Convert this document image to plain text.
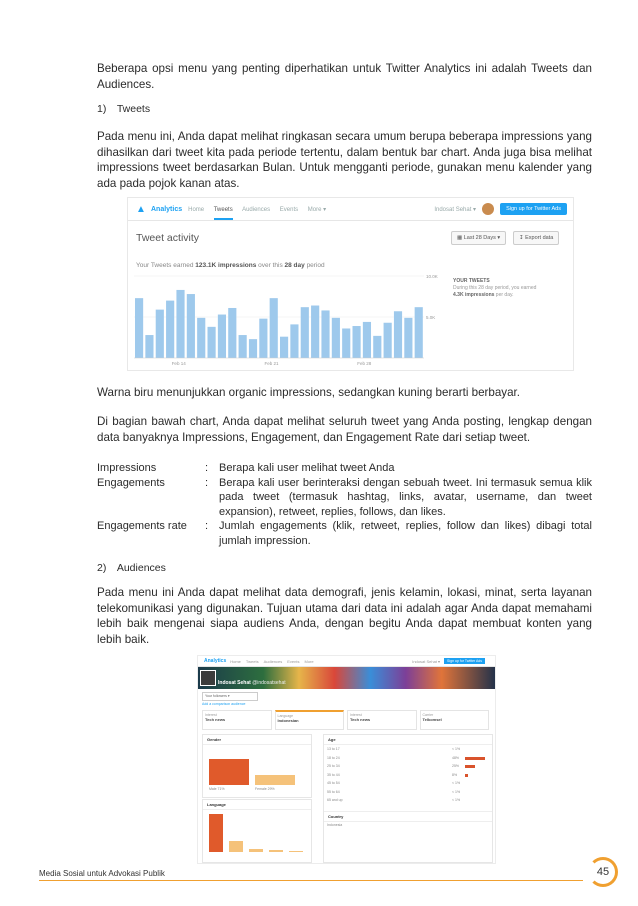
Beberapa opsi menu yang penting diperhatikan untuk Twitter Analytics ini adalah Tweets dan Audiences.
1) Tweets
Pada menu ini, Anda dapat melihat ringkasan secara umum berupa beberapa impressions yang dihasilkan dari tweet kita pada periode tertentu, dalam bentuk bar chart. Anda juga bisa melihat impressions tweet berdasarkan Bulan. Untuk mengganti periode, gunakan menu kalender yang ada pada pojok kanan atas.
▲ Analytics Home Tweets Audiences Events More ▾	Indosat Sehat ▾	Sign up for Twitter Ads
Tweet activity	▦ Last 28 Days ▾	↧ Export data
Your Tweets earned 123.1K impressions over this 28 day period
Feb 14	Feb 21	Feb 28
10.0K
5.0K
YOUR TWEETS
During this 28 day period, you earned
4.3K impressions per day.
Warna biru menunjukkan organic impressions, sedangkan kuning berarti berbayar.
Di bagian bawah chart, Anda dapat melihat seluruh tweet yang Anda posting, lengkap dengan data banyaknya Impressions, Engagement, dan Engagement Rate dari setiap tweet.
Impressions	: Berapa kali user melihat tweet Anda
Engagements	: Berapa kali user berinteraksi dengan sebuah tweet. Ini termasuk semua klik pada tweet (termasuk hashtag, links, avatar, username, dan tweet expansion), retweet, replies, follows, dan likes.
Engagements rate	: Jumlah engagements (klik, retweet, replies, follow dan likes) dibagi total jumlah impression.
2) Audiences
Pada menu ini Anda dapat melihat data demografi, jenis kelamin, lokasi, minat, serta layanan telekomunikasi yang digunakan. Tujuan utama dari data ini adalah agar Anda dapat memahami lebih baik mengenai siapa audiens Anda, dengan begitu Anda dapat membuat konten yang lebih baik.
Analytics Home Tweets Audiences Events More	Indosat Sehat ▾	Sign up for Twitter Ads
Indosat Sehat @indosatsehat
Your followers ▾
Add a comparison audience
Interest
Tech news
Language
Indonesian
Interest
Tech news
Carrier
Telkomsel
Gender
Male 71%	Female 29%
Language
Age
13 to 17	< 1%
18 to 24	48%
25 to 34	25%
35 to 44	8%
45 to 54	< 1%
55 to 64	< 1%
65 and up	< 1%
Indonesia
Country
Media Sosial untuk Advokasi Publik	45
